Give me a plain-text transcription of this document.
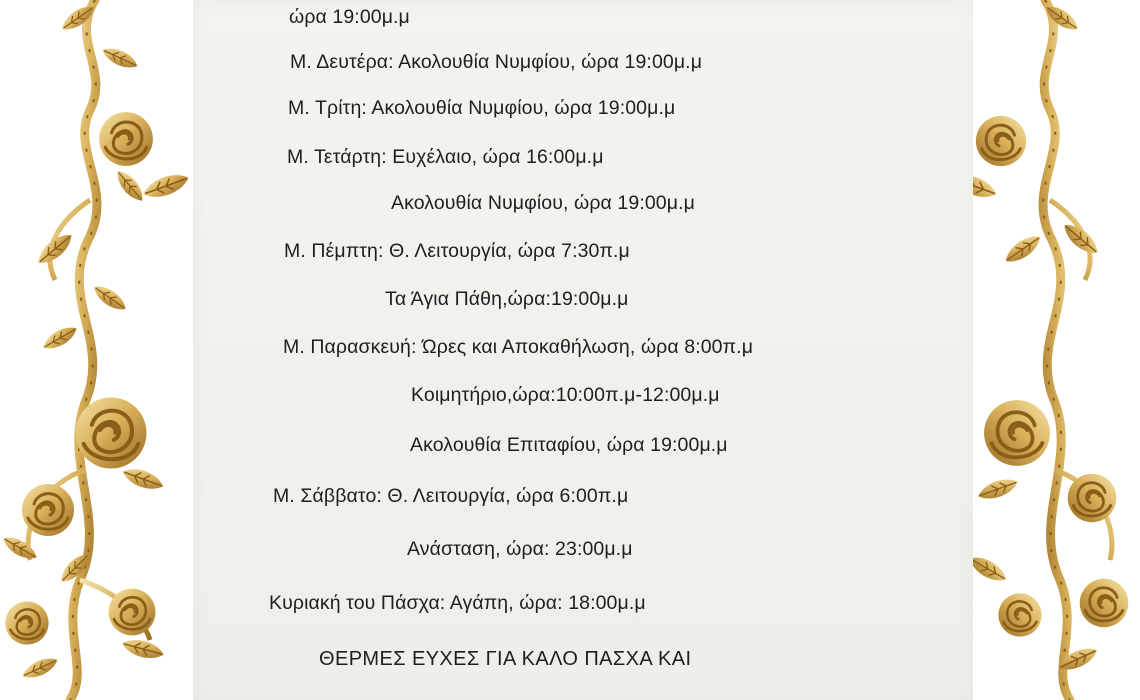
ώρα 19:00μ.μ
Μ. Δευτέρα: Ακολουθία Νυμφίου, ώρα 19:00μ.μ
Μ. Τρίτη: Ακολουθία Νυμφίου, ώρα 19:00μ.μ
Μ. Τετάρτη: Ευχέλαιο, ώρα 16:00μ.μ
Ακολουθία Νυμφίου, ώρα 19:00μ.μ
Μ. Πέμπτη: Θ. Λειτουργία, ώρα 7:30π.μ
Τα Άγια Πάθη,ώρα:19:00μ.μ
Μ. Παρασκευή: Ώρες και Αποκαθήλωση, ώρα 8:00π.μ
Κοιμητήριο,ώρα:10:00π.μ-12:00μ.μ
Ακολουθία Επιταφίου, ώρα 19:00μ.μ
Μ. Σάββατο: Θ. Λειτουργία, ώρα 6:00π.μ
Ανάσταση, ώρα: 23:00μ.μ
Κυριακή του Πάσχα: Αγάπη, ώρα: 18:00μ.μ
ΘΕΡΜΕΣ ΕΥΧΕΣ ΓΙΑ ΚΑΛΟ ΠΑΣΧΑ ΚΑΙ
